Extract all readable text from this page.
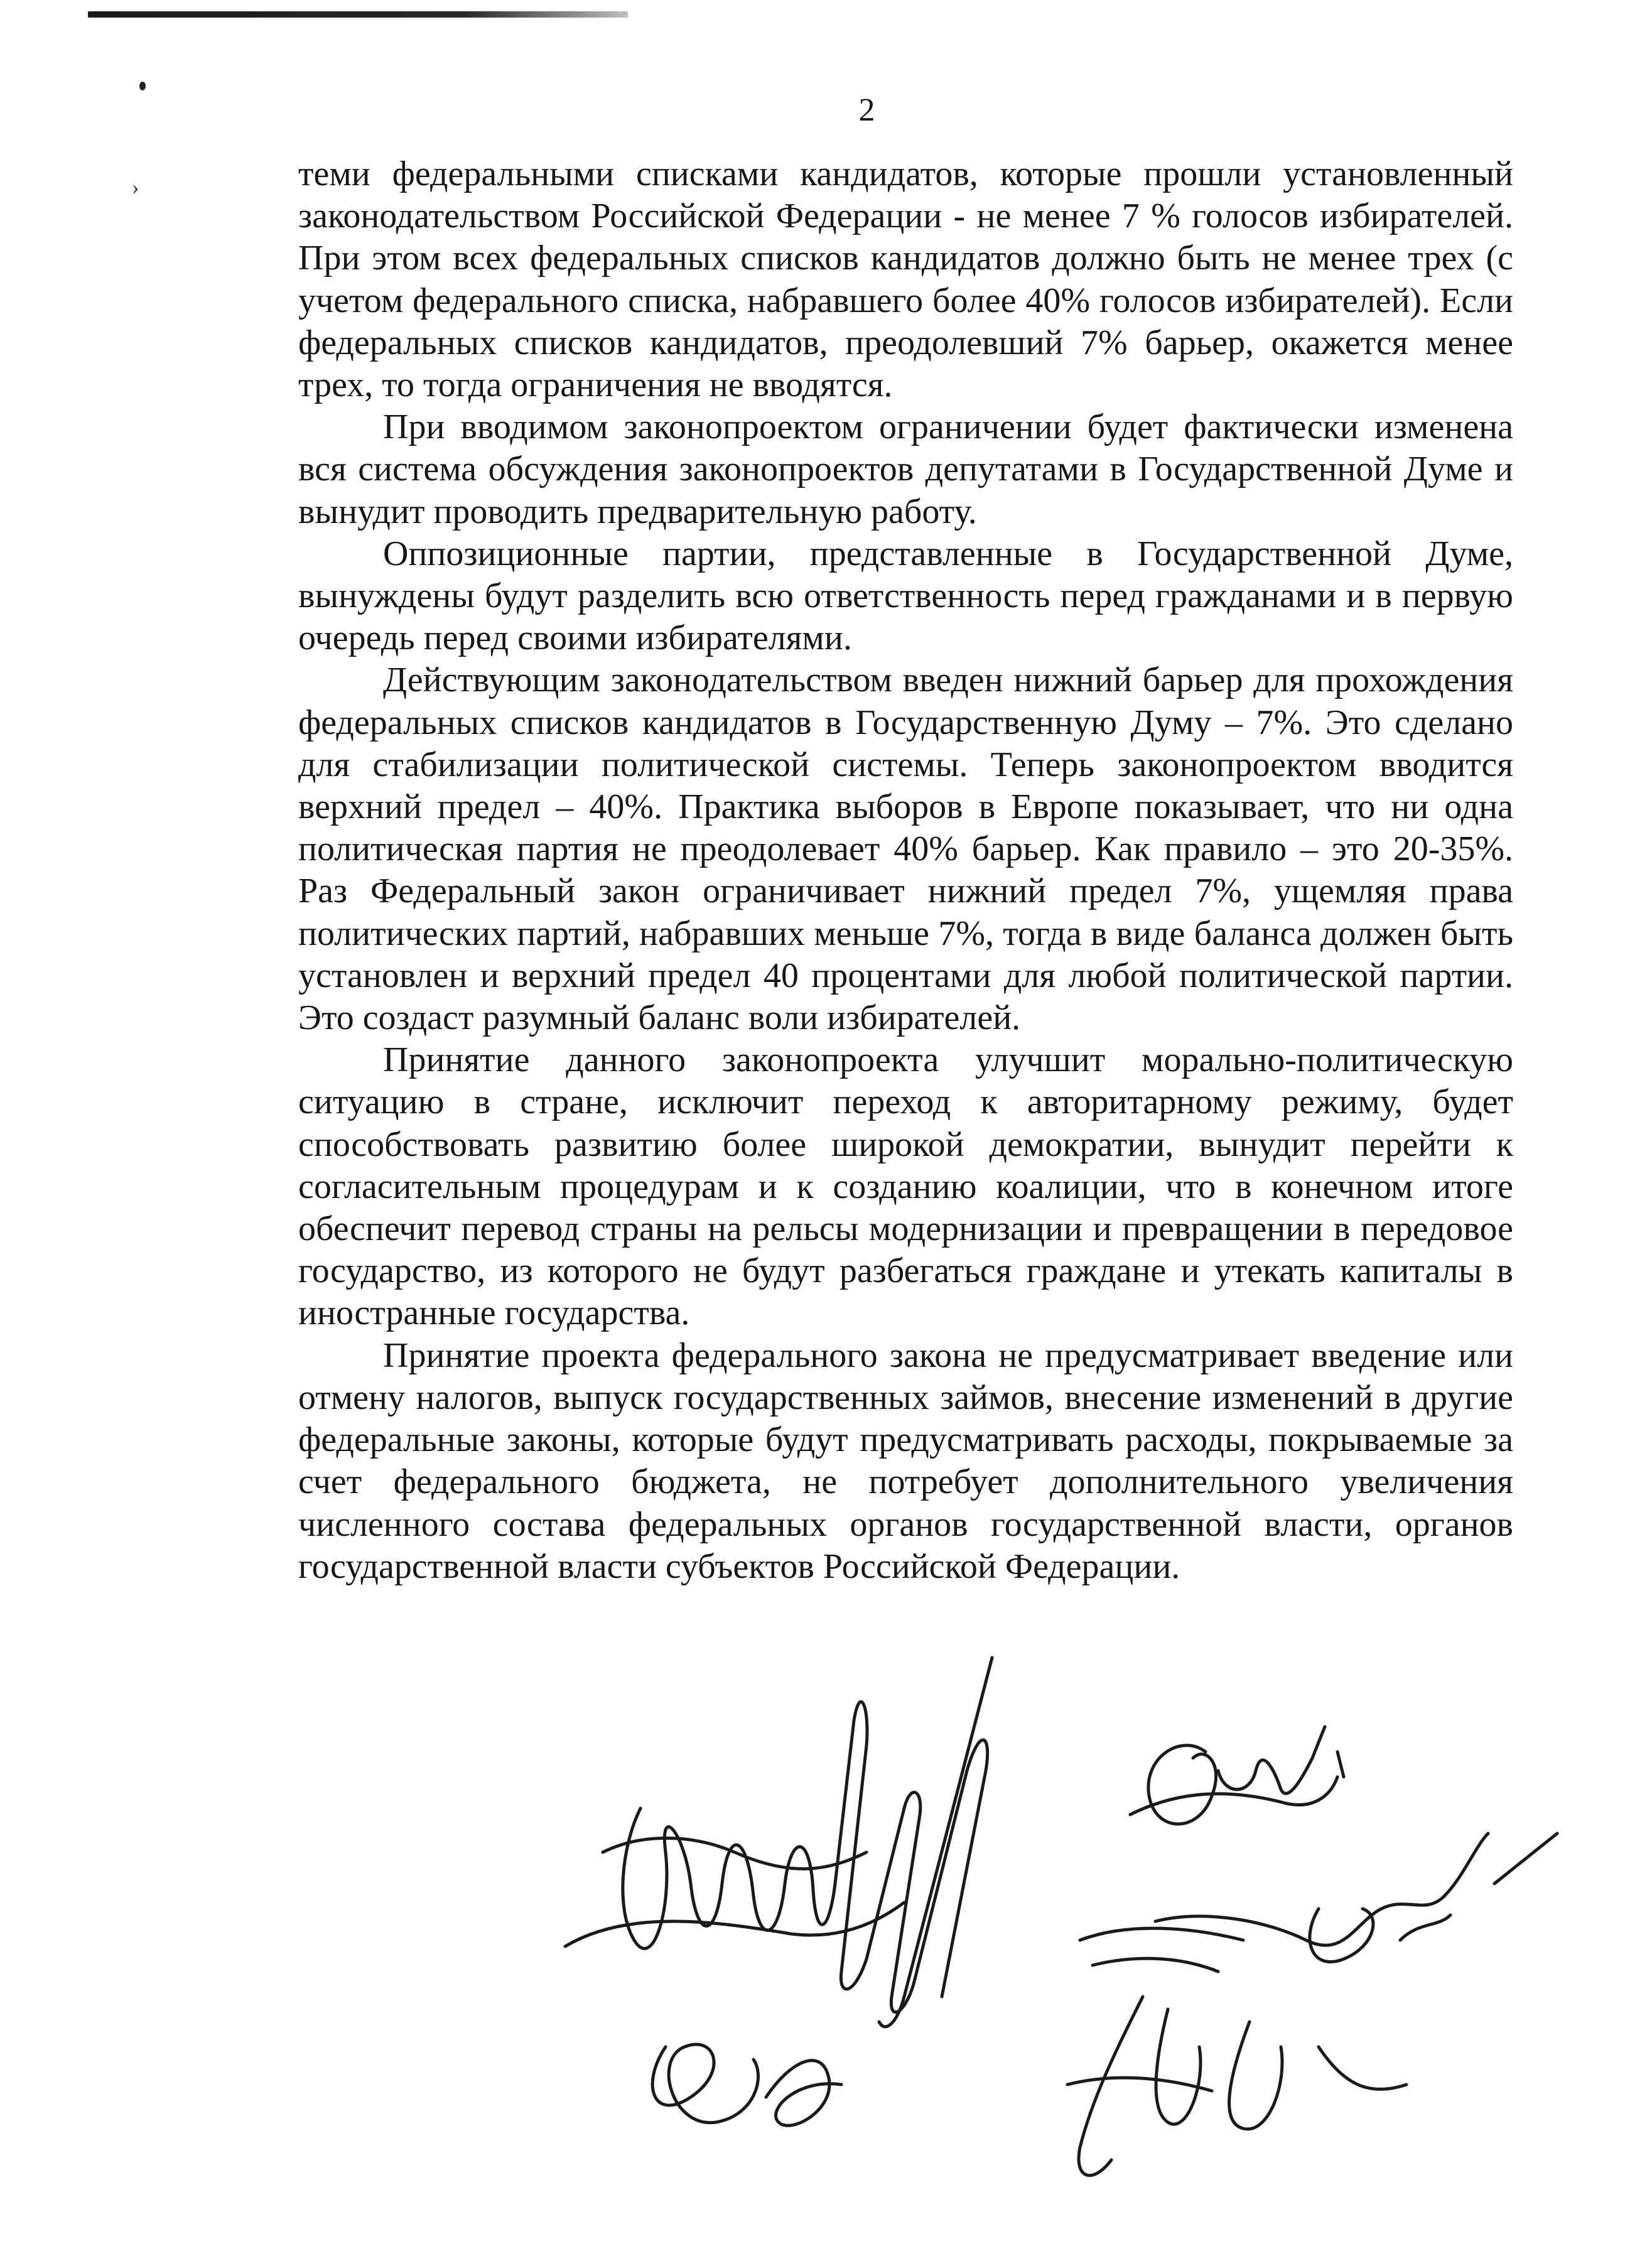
›
2

теми федеральными списками кандидатов, которые прошли установленный законодательством Российской Федерации - не менее 7 % голосов избирателей. При этом всех федеральных списков кандидатов должно быть не менее трех (с учетом федерального списка, набравшего более 40% голосов избирателей). Если федеральных списков кандидатов, преодолевший 7% барьер, окажется менее трех, то тогда ограничения не вводятся.

При вводимом законопроектом ограничении будет фактически изменена вся система обсуждения законопроектов депутатами в Государственной Думе и вынудит проводить предварительную работу.

Оппозиционные партии, представленные в Государственной Думе, вынуждены будут разделить всю ответственность перед гражданами и в первую очередь перед своими избирателями.

Действующим законодательством введен нижний барьер для прохождения федеральных списков кандидатов в Государственную Думу – 7%. Это сделано для стабилизации политической системы. Теперь законопроектом вводится верхний предел – 40%. Практика выборов в Европе показывает, что ни одна политическая партия не преодолевает 40% барьер. Как правило – это 20-35%. Раз Федеральный закон ограничивает нижний предел 7%, ущемляя права политических партий, набравших меньше 7%, тогда в виде баланса должен быть установлен и верхний предел 40 процентами для любой политической партии. Это создаст разумный баланс воли избирателей.

Принятие данного законопроекта улучшит морально-политическую ситуацию в стране, исключит переход к авторитарному режиму, будет способствовать развитию более широкой демократии, вынудит перейти к согласительным процедурам и к созданию коалиции, что в конечном итоге обеспечит перевод страны на рельсы модернизации и превращении в передовое государство, из которого не будут разбегаться граждане и утекать капиталы в иностранные государства.

Принятие проекта федерального закона не предусматривает введение или отмену налогов, выпуск государственных займов, внесение изменений в другие федеральные законы, которые будут предусматривать расходы, покрываемые за счет федерального бюджета, не потребует дополнительного увеличения численного состава федеральных органов государственной власти, органов государственной власти субъектов Российской Федерации.
